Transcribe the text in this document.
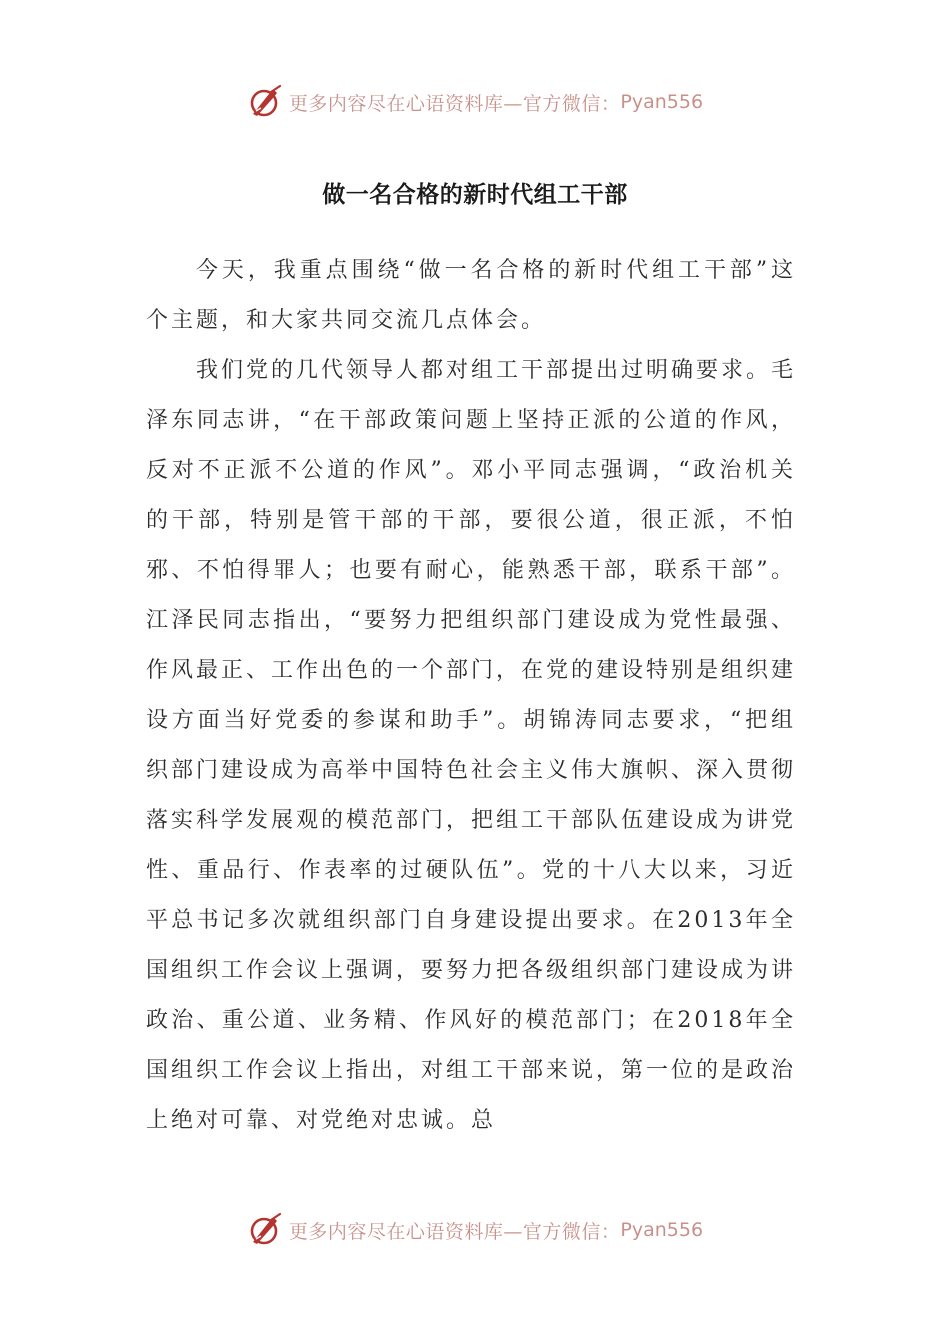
更多内容尽在心语资料库—官方微信： Pyan556
做一名合格的新时代组工干部

今天，我重点围绕“做一名合格的新时代组工干部”这个主题，和大家共同交流几点体会。

我们党的几代领导人都对组工干部提出过明确要求。毛泽东同志讲，“在干部政策问题上坚持正派的公道的作风，反对不正派不公道的作风”。邓小平同志强调，“政治机关的干部，特别是管干部的干部，要很公道，很正派，不怕邪、不怕得罪人；也要有耐心，能熟悉干部，联系干部”。江泽民同志指出，“要努力把组织部门建设成为党性最强、作风最正、工作出色的一个部门，在党的建设特别是组织建设方面当好党委的参谋和助手”。胡锦涛同志要求，“把组织部门建设成为高举中国特色社会主义伟大旗帜、深入贯彻落实科学发展观的模范部门，把组工干部队伍建设成为讲党性、重品行、作表率的过硬队伍”。党的十八大以来，习近平总书记多次就组织部门自身建设提出要求。在2013年全国组织工作会议上强调，要努力把各级组织部门建设成为讲政治、重公道、业务精、作风好的模范部门；在2018年全国组织工作会议上指出，对组工干部来说，第一位的是政治上绝对可靠、对党绝对忠诚。总

更多内容尽在心语资料库—官方微信： Pyan556
